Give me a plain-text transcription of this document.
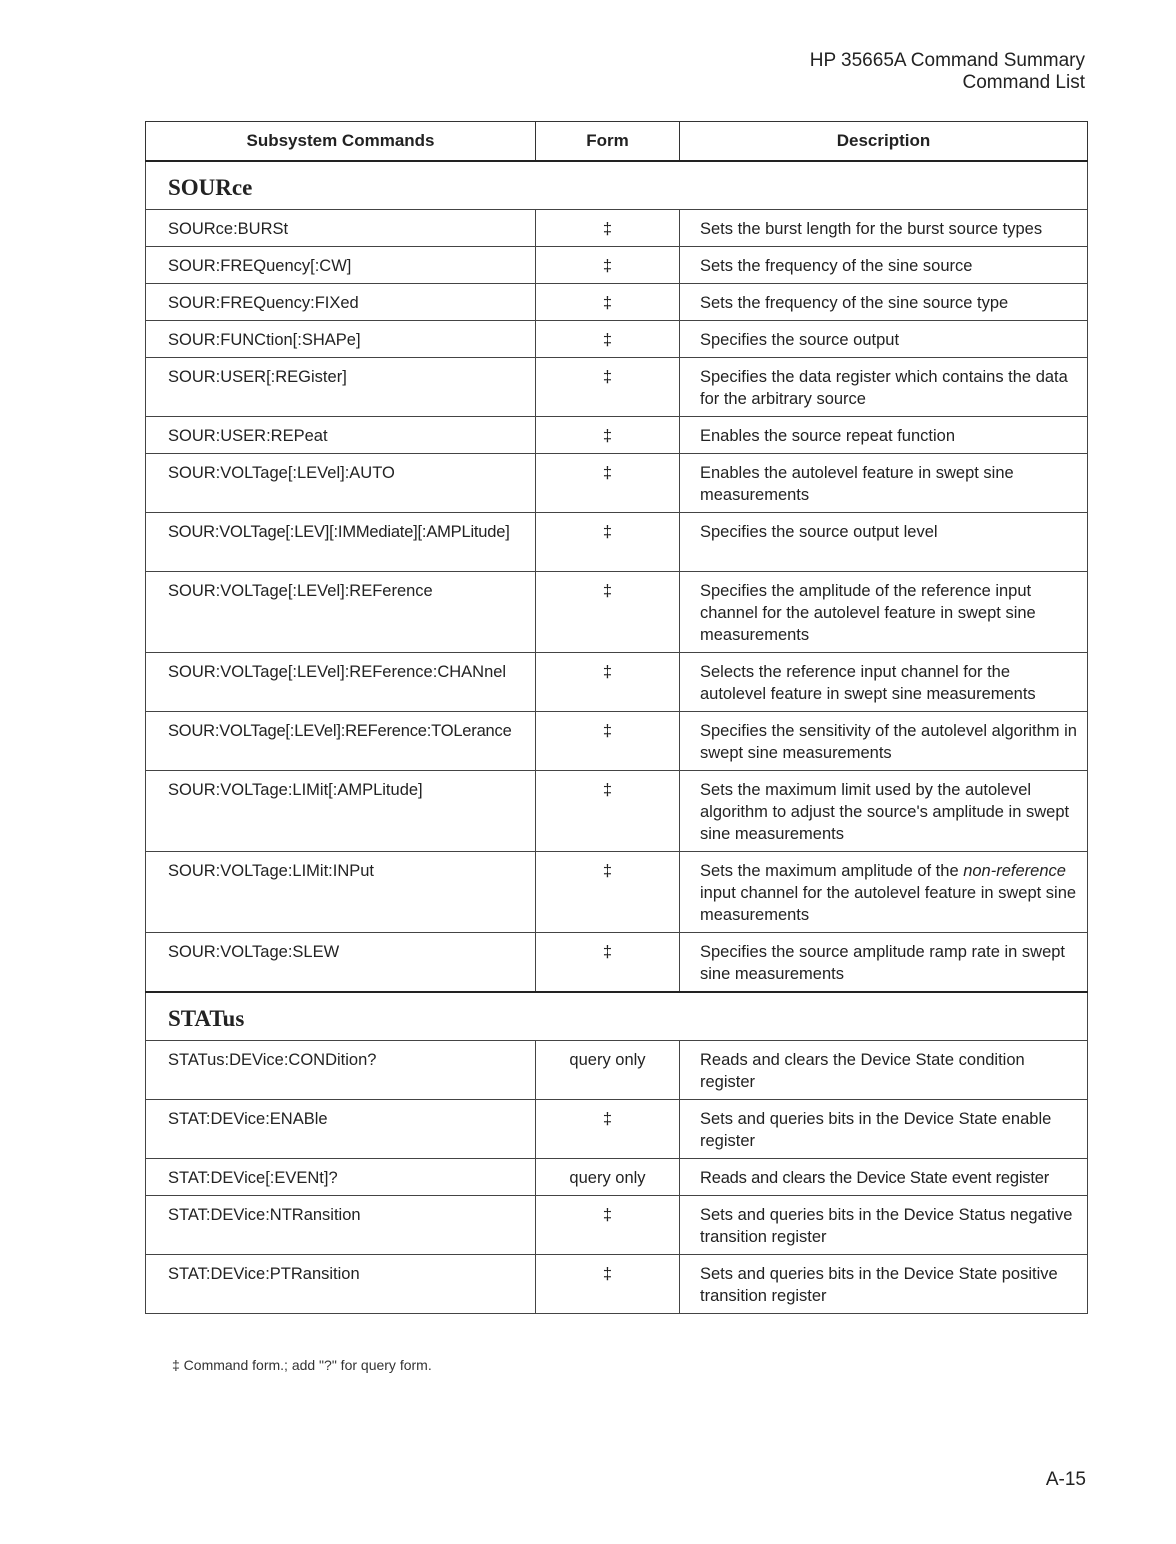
HP 35665A Command Summary
Command List
Subsystem Commands	Form	Description
SOURce		
SOURce:BURSt	‡	Sets the burst length for the burst source types
SOUR:FREQuency[:CW]	‡	Sets the frequency of the sine source
SOUR:FREQuency:FIXed	‡	Sets the frequency of the sine source type
SOUR:FUNCtion[:SHAPe]	‡	Specifies the source output
SOUR:USER[:REGister]	‡	Specifies the data register which contains the data for the arbitrary source
SOUR:USER:REPeat	‡	Enables the source repeat function
SOUR:VOLTage[:LEVel]:AUTO	‡	Enables the autolevel feature in swept sine measurements
SOUR:VOLTage[:LEV][:IMMediate][:AMPLitude]	‡	Specifies the source output level
SOUR:VOLTage[:LEVel]:REFerence	‡	Specifies the amplitude of the reference input channel for the autolevel feature in swept sine measurements
SOUR:VOLTage[:LEVel]:REFerence:CHANnel	‡	Selects the reference input channel for the autolevel feature in swept sine measurements
SOUR:VOLTage[:LEVel]:REFerence:TOLerance	‡	Specifies the sensitivity of the autolevel algorithm in swept sine measurements
SOUR:VOLTage:LIMit[:AMPLitude]	‡	Sets the maximum limit used by the autolevel algorithm to adjust the source's amplitude in swept sine measurements
SOUR:VOLTage:LIMit:INPut	‡	Sets the maximum amplitude of the non-reference input channel for the autolevel feature in swept sine measurements
SOUR:VOLTage:SLEW	‡	Specifies the source amplitude ramp rate in swept sine measurements
STATus		
STATus:DEVice:CONDition?	query only	Reads and clears the Device State condition register
STAT:DEVice:ENABle	‡	Sets and queries bits in the Device State enable register
STAT:DEVice[:EVENt]?	query only	Reads and clears the Device State event register
STAT:DEVice:NTRansition	‡	Sets and queries bits in the Device Status negative transition register
STAT:DEVice:PTRansition	‡	Sets and queries bits in the Device State positive transition register
‡ Command form.; add "?" for query form.
A-15
